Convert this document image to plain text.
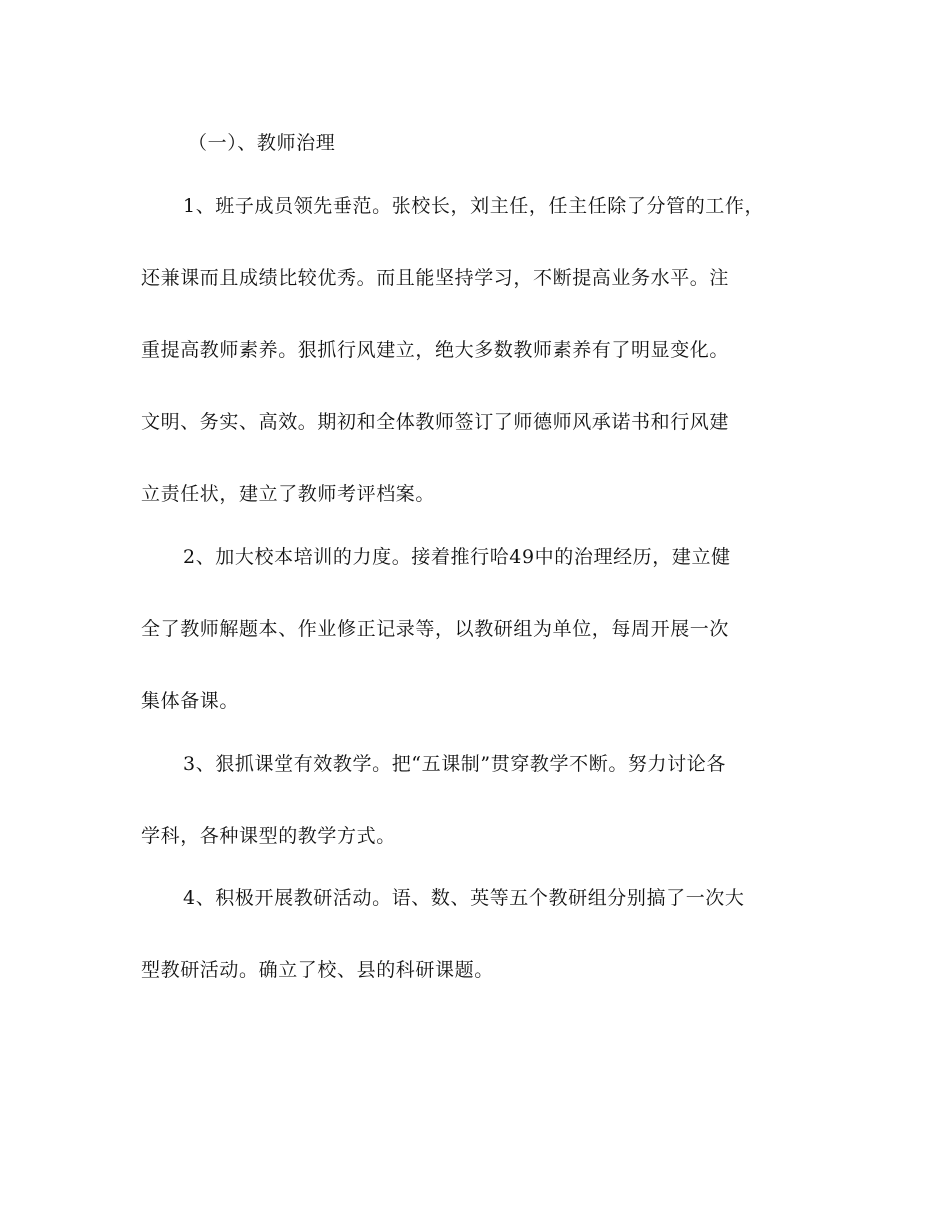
（一）、教师治理

1、班子成员领先垂范。张校长，刘主任，任主任除了分管的工作，

还兼课而且成绩比较优秀。而且能坚持学习，不断提高业务水平。注

重提高教师素养。狠抓行风建立，绝大多数教师素养有了明显变化。

文明、务实、高效。期初和全体教师签订了师德师风承诺书和行风建

立责任状，建立了教师考评档案。

2、加大校本培训的力度。接着推行哈49中的治理经历，建立健

全了教师解题本、作业修正记录等，以教研组为单位，每周开展一次

集体备课。

3、狠抓课堂有效教学。把“五课制”贯穿教学不断。努力讨论各

学科，各种课型的教学方式。

4、积极开展教研活动。语、数、英等五个教研组分别搞了一次大

型教研活动。确立了校、县的科研课题。
